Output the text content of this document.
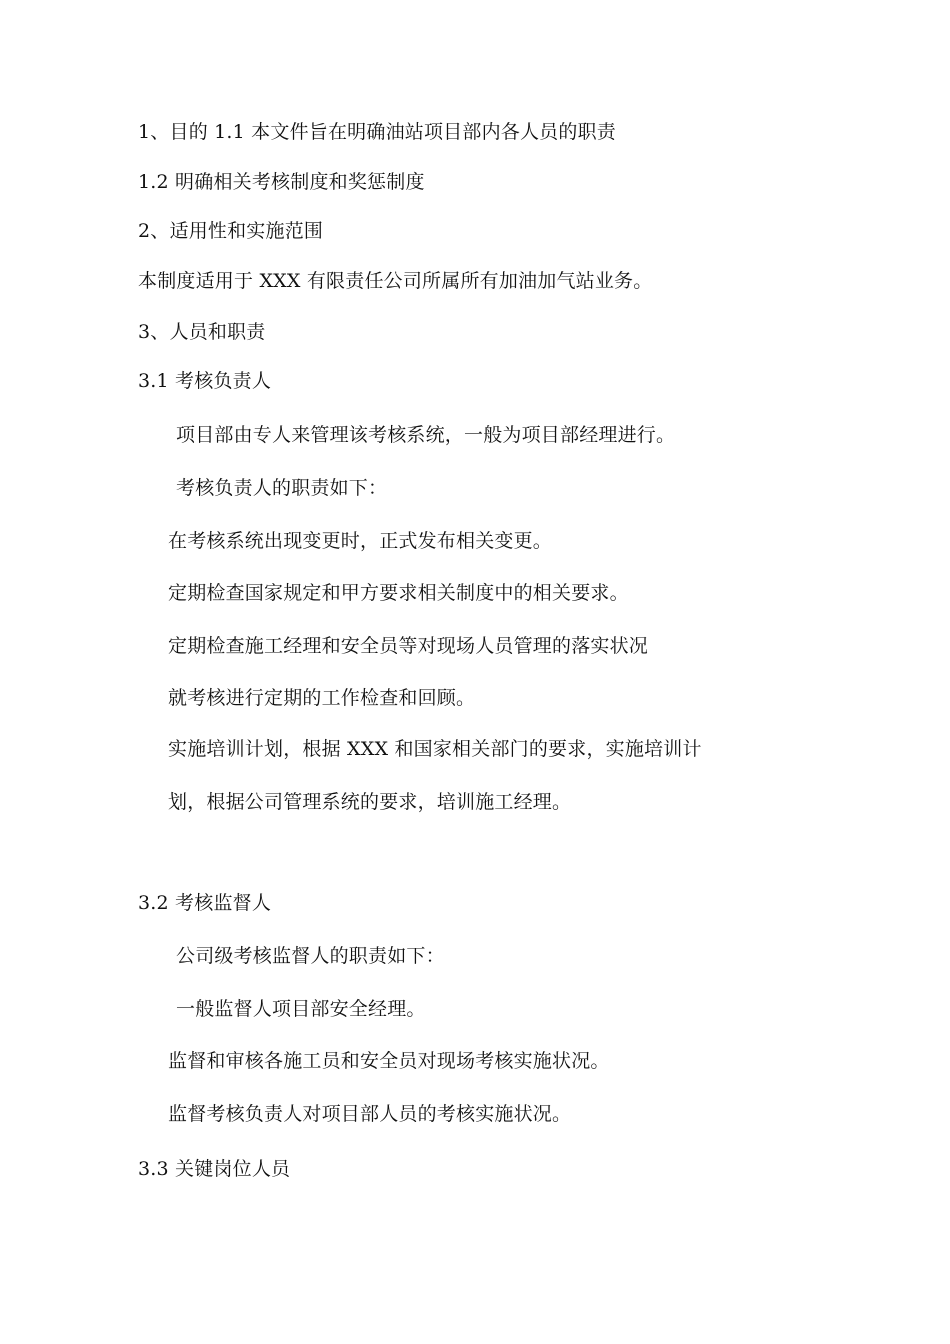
1、目的 1.1 本文件旨在明确油站项目部内各人员的职责
1.2 明确相关考核制度和奖惩制度
2、适用性和实施范围
本制度适用于 XXX 有限责任公司所属所有加油加气站业务。
3、人员和职责
3.1 考核负责人
项目部由专人来管理该考核系统，一般为项目部经理进行。
考核负责人的职责如下：
在考核系统出现变更时，正式发布相关变更。
定期检查国家规定和甲方要求相关制度中的相关要求。
定期检查施工经理和安全员等对现场人员管理的落实状况
就考核进行定期的工作检查和回顾。
实施培训计划，根据 XXX 和国家相关部门的要求，实施培训计
划，根据公司管理系统的要求，培训施工经理。
3.2 考核监督人
公司级考核监督人的职责如下：
一般监督人项目部安全经理。
监督和审核各施工员和安全员对现场考核实施状况。
监督考核负责人对项目部人员的考核实施状况。
3.3 关键岗位人员
